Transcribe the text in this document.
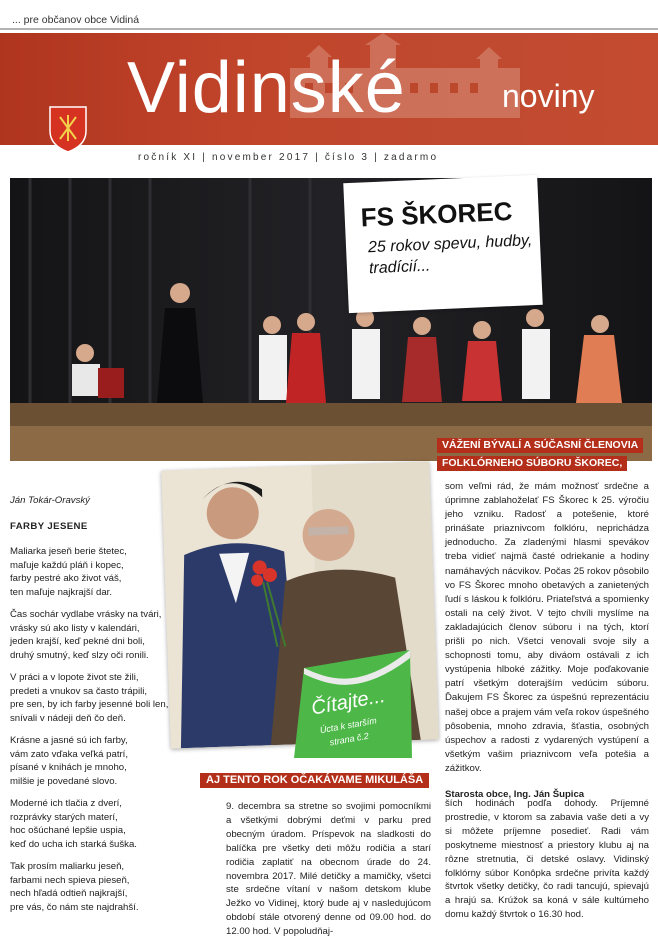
... pre občanov obce Vidiná
Vidinské	noviny
ročník XI | november 2017 | číslo 3 | zadarmo
FS ŠKOREC
25 rokov spevu, hudby, tradícií...

Ján Tokár-Oravský

FARBY JESENE

Maliarka jeseň berie štetec,
maľuje každú pláň i kopec,
farby pestré ako život váš,
ten maľuje najkrajší dar.

Čas sochár vydlabe vrásky na tvári,
vrásky sú ako listy v kalendári,
jeden krajší, keď pekné dni boli,
druhý smutný, keď slzy oči ronili.

V práci a v lopote život ste žili,
predeti a vnukov sa často trápili,
pre sen, by ich farby jesenné boli len,
snívali v nádeji deň čo deň.

Krásne a jasné sú ich farby,
vám zato vďaka veľká patrí,
písané v knihách je mnoho,
milšie je povedané slovo.

Moderné ich tlačia z dverí,
rozprávky starých materí,
hoc ošúchané lepšie uspia,
keď do ucha ich starká šuška.

Tak prosím maliarku jeseň,
farbami nech spieva pieseň,
nech hľadá odtieň najkrajší,
pre vás, čo nám ste najdrahší.

Čítajte...
Úcta k starším
strana č.2
VÁŽENÍ BÝVALÍ A SÚČASNÍ ČLENOVIA
FOLKLÓRNEHO SÚBORU ŠKOREC,
som veľmi rád, že mám možnosť srdečne a úprimne zablahoželať FS Škorec k 25. výročiu jeho vzniku. Radosť a potešenie, ktoré prinášate priaznivcom folklóru, neprichádza jednoducho. Za zladenými hlasmi spevákov treba vidieť najmä časté odriekanie a hodiny namáhavých nácvikov. Počas 25 rokov pôsobilo vo FS Škorec mnoho obetavých a zanietených ľudí s láskou k folklóru. Priateľstvá a spomienky ostali na celý život. V tejto chvíli myslíme na zakladajúcich členov súboru i na tých, ktorí prišli po nich. Všetci venovali svoje sily a schopnosti tomu, aby diváom ostávali z ich vystúpenia hlboké zážitky. Moje poďakovanie patrí všetkým doterajším vedúcim súboru. Ďakujem FS Škorec za úspešnú reprezentáciu našej obce a prajem vám veľa rokov úspešného pôsobenia, mnoho zdravia, šťastia, osobných úspechov a radosti z vydarených vystúpení a všetkým vašim priaznivcom veľa potešia a zážitkov.
Starosta obce, Ing. Ján Šupica
AJ TENTO ROK OČAKÁVAME MIKULÁŠA
9. decembra sa stretne so svojimi pomocníkmi a všetkými dobrými deťmi v parku pred obecným úradom. Príspevok na sladkosti do balíčka pre všetky deti môžu rodičia a starí rodičia zaplatiť na obecnom úrade do 24. novembra 2017. Milé detičky a mamičky, všetci ste srdečne vítaní v našom detskom klube Ježko vo Vidinej, ktorý bude aj v nasledujúcom období stále otvorený denne od 09.00 hod. do 12.00 hod. V popoludňaj-
ších hodinách podľa dohody. Príjemné prostredie, v ktorom sa zabavia vaše deti a vy si môžete príjemne posedieť. Radi vám poskytneme miestnosť a priestory klubu aj na rôzne stretnutia, či detské oslavy. Vidinský folklórny súbor Konôpka srdečne privíta každý štvrtok všetky detičky, čo radi tancujú, spievajú a hrajú sa. Krúžok sa koná v sále kultúrneho domu každý štvrtok o 16.30 hod.
